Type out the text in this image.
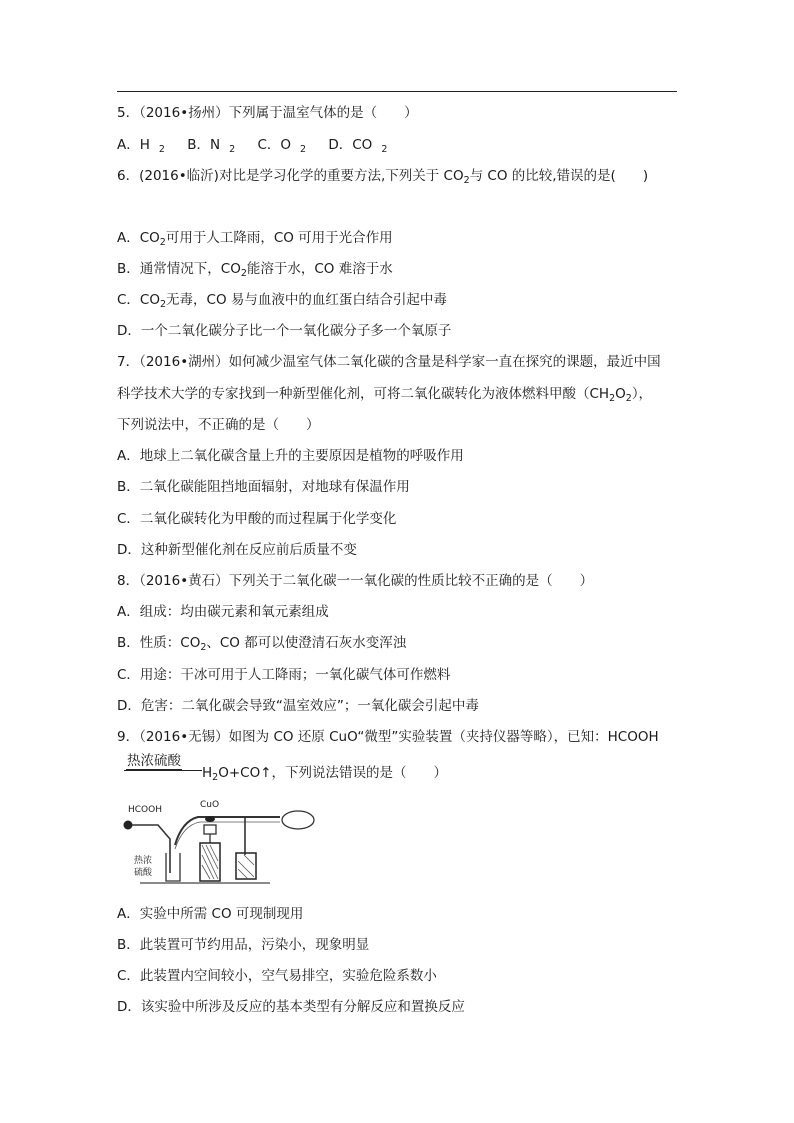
5．（2016•扬州）下列属于温室气体的是（　　）
A．H $_2$ B．N $_2$ C．O $_2$ D．CO $_2$
6．(2016•临沂)对比是学习化学的重要方法,下列关于 $CO_2$与 CO 的比较,错误的是(　　)
A．$CO_2$可用于人工降雨，CO 可用于光合作用
B．通常情况下，$CO_2$能溶于水，CO 难溶于水
C．$CO_2$无毒，CO 易与血液中的血红蛋白结合引起中毒
D．一个二氧化碳分子比一个一氧化碳分子多一个氧原子
7．（2016•湖州）如何减少温室气体二氧化碳的含量是科学家一直在探究的课题，最近中国
科学技术大学的专家找到一种新型催化剂，可将二氧化碳转化为液体燃料甲酸$(CH_2O_2)$，
下列说法中，不正确的是（　　）
A．地球上二氧化碳含量上升的主要原因是植物的呼吸作用
B．二氧化碳能阻挡地面辐射，对地球有保温作用
C．二氧化碳转化为甲酸的而过程属于化学变化
D．这种新型催化剂在反应前后质量不变
8．（2016•黄石）下列关于二氧化碳一一氧化碳的性质比较不正确的是（　　）
A．组成：均由碳元素和氧元素组成
B．性质：$CO_2$、CO 都可以使澄清石灰水变浑浊
C．用途：干冰可用于人工降雨；一氧化碳气体可作燃料
D．危害：二氧化碳会导致“温室效应”；一氧化碳会引起中毒
9．（2016•无锡）如图为 CO 还原 CuO“微型”实验装置（夹持仪器等略），已知：HCOOH
热浓硫酸
$H_2O+CO↑$，下列说法错误的是（　　）
HCOOH	CuO
热浓
硫酸
A．实验中所需 CO 可现制现用
B．此装置可节约用品，污染小，现象明显
C．此装置内空间较小，空气易排空，实验危险系数小
D．该实验中所涉及反应的基本类型有分解反应和置换反应
